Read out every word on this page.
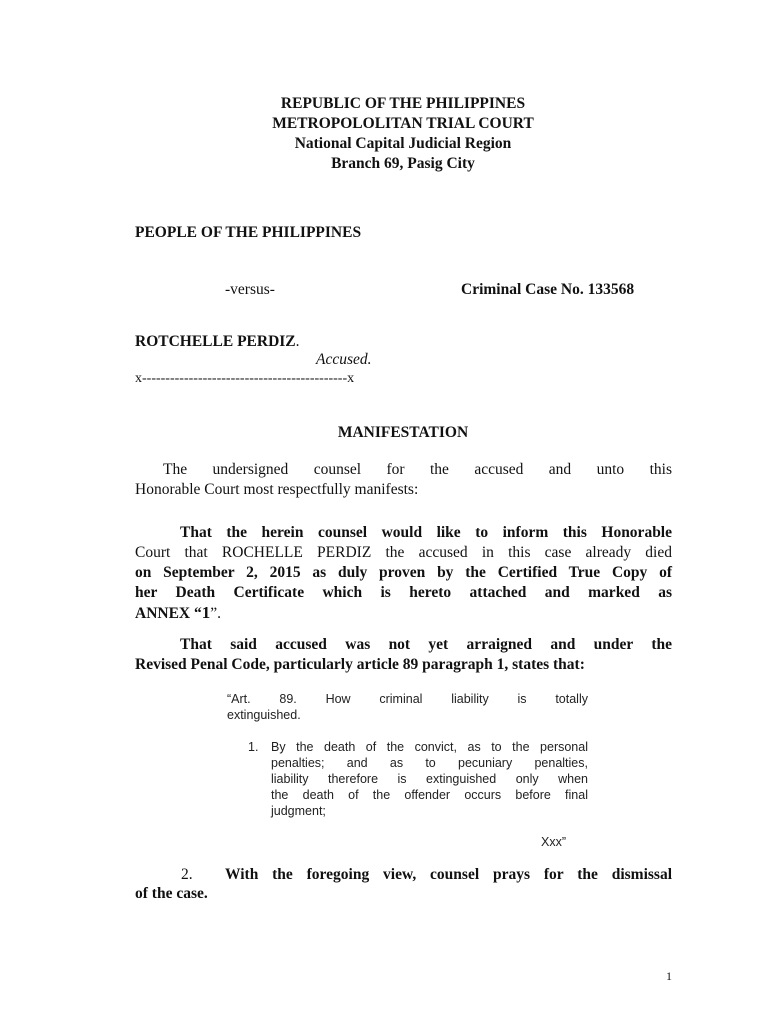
REPUBLIC OF THE PHILIPPINES
METROPOLOLITAN TRIAL COURT
National Capital Judicial Region
Branch 69, Pasig City
PEOPLE OF THE PHILIPPINES
-versus-	Criminal Case No. 133568
ROTCHELLE PERDIZ.
Accused.
x--------------------------------------------x
MANIFESTATION
The undersigned counsel for the accused and unto this
Honorable Court most respectfully manifests:
That the herein counsel would like to inform this Honorable
Court that ROCHELLE PERDIZ the accused in this case already died
on September 2, 2015 as duly proven by the Certified True Copy of
her Death Certificate which is hereto attached and marked as
ANNEX “1”.
That said accused was not yet arraigned and under the
Revised Penal Code, particularly article 89 paragraph 1, states that:
“Art. 89. How criminal liability is totally
extinguished.
1.	By the death of the convict, as to the personal
penalties; and as to pecuniary penalties,
liability therefore is extinguished only when
the death of the offender occurs before final
judgment;
Xxx”
2. With the foregoing view, counsel prays for the dismissal
of the case.
1
